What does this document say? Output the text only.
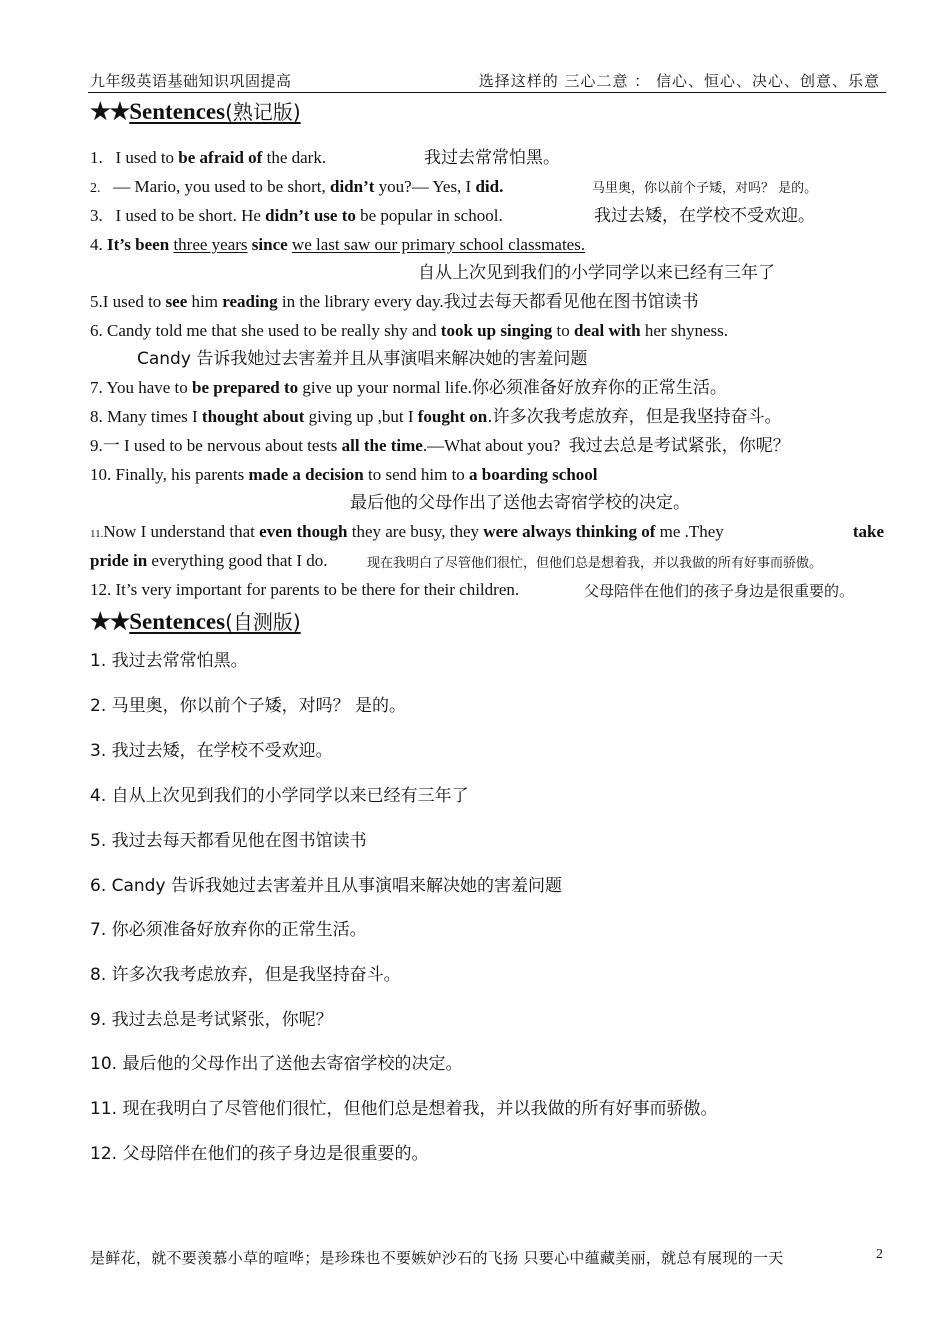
九年级英语基础知识巩固提高	选择这样的 三心二意 ： 信心、恒心、决心、创意、乐意
★★Sentences(熟记版)
1. I used to be afraid of the dark.	我过去常常怕黑。
2. — Mario, you used to be short, didn’t you?— Yes, I did.	马里奥，你以前个子矮，对吗？ 是的。
3. I used to be short. He didn’t use to be popular in school.	我过去矮，在学校不受欢迎。
4. It’s been three years since we last saw our primary school classmates.
自从上次见到我们的小学同学以来已经有三年了
5.I used to see him reading in the library every day.我过去每天都看见他在图书馆读书
6. Candy told me that she used to be really shy and took up singing to deal with her shyness.
Candy 告诉我她过去害羞并且从事演唱来解决她的害羞问题
7. You have to be prepared to give up your normal life.你必须准备好放弃你的正常生活。
8. Many times I thought about giving up ,but I fought on.许多次我考虑放弃，但是我坚持奋斗。
9.一 I used to be nervous about tests all the time.—What about you? 我过去总是考试紧张，你呢？
10. Finally, his parents made a decision to send him to a boarding school
最后他的父母作出了送他去寄宿学校的决定。
11.Now I understand that even though they are busy, they were always thinking of me .They	take
pride in everything good that I do.	现在我明白了尽管他们很忙，但他们总是想着我，并以我做的所有好事而骄傲。
12. It’s very important for parents to be there for their children.	父母陪伴在他们的孩子身边是很重要的。
★★Sentences(自测版)
1. 我过去常常怕黑。
2. 马里奥，你以前个子矮，对吗？ 是的。
3. 我过去矮，在学校不受欢迎。
4. 自从上次见到我们的小学同学以来已经有三年了
5. 我过去每天都看见他在图书馆读书
6. Candy 告诉我她过去害羞并且从事演唱来解决她的害羞问题
7. 你必须准备好放弃你的正常生活。
8. 许多次我考虑放弃，但是我坚持奋斗。
9. 我过去总是考试紧张，你呢？
10. 最后他的父母作出了送他去寄宿学校的决定。
11. 现在我明白了尽管他们很忙，但他们总是想着我，并以我做的所有好事而骄傲。
12. 父母陪伴在他们的孩子身边是很重要的。
是鲜花，就不要羡慕小草的喧哗；是珍珠也不要嫉妒沙石的飞扬 只要心中蕴藏美丽，就总有展现的一天	2
